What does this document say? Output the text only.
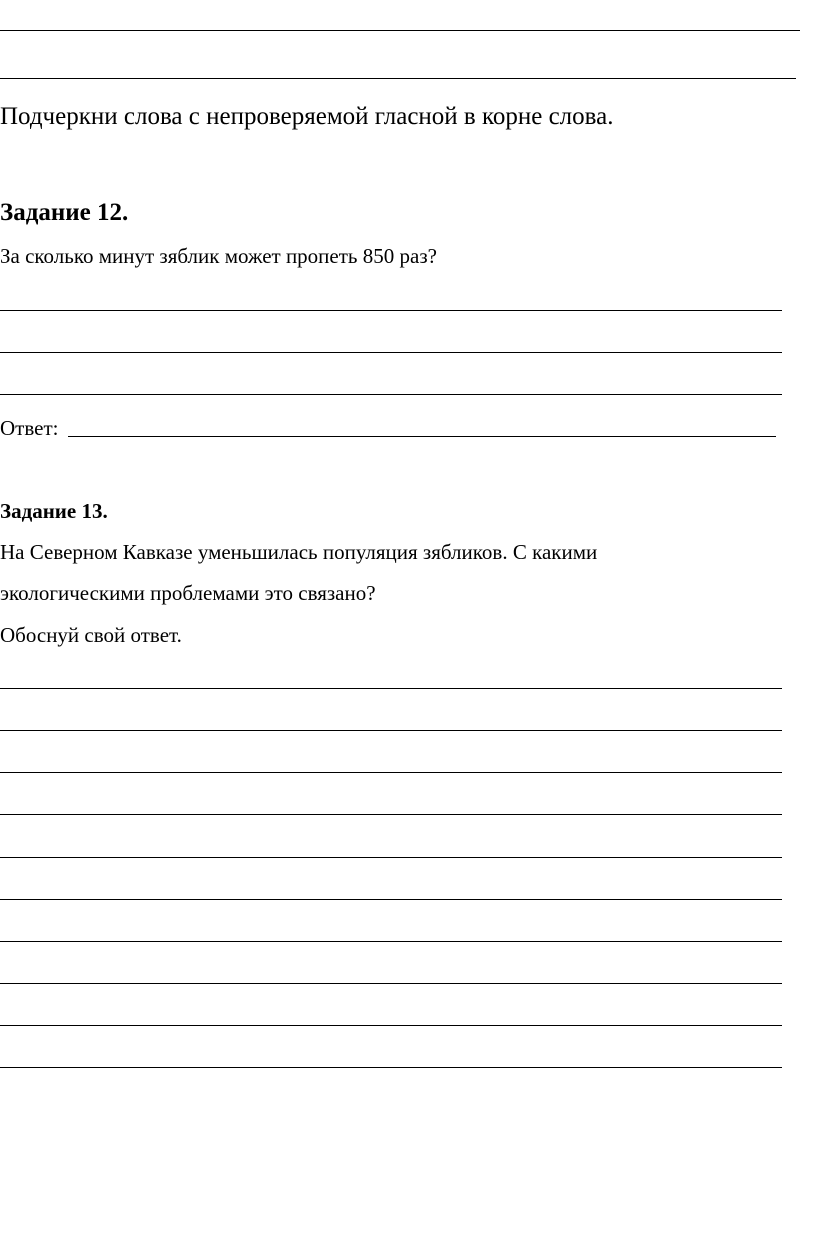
Подчеркни слова с непроверяемой гласной в корне слова.
Задание 12.
За сколько минут зяблик может пропеть 850 раз?
Ответ:
Задание 13.
На Северном Кавказе уменьшилась популяция зябликов. С какими
экологическими проблемами это связано?
Обоснуй свой ответ.
